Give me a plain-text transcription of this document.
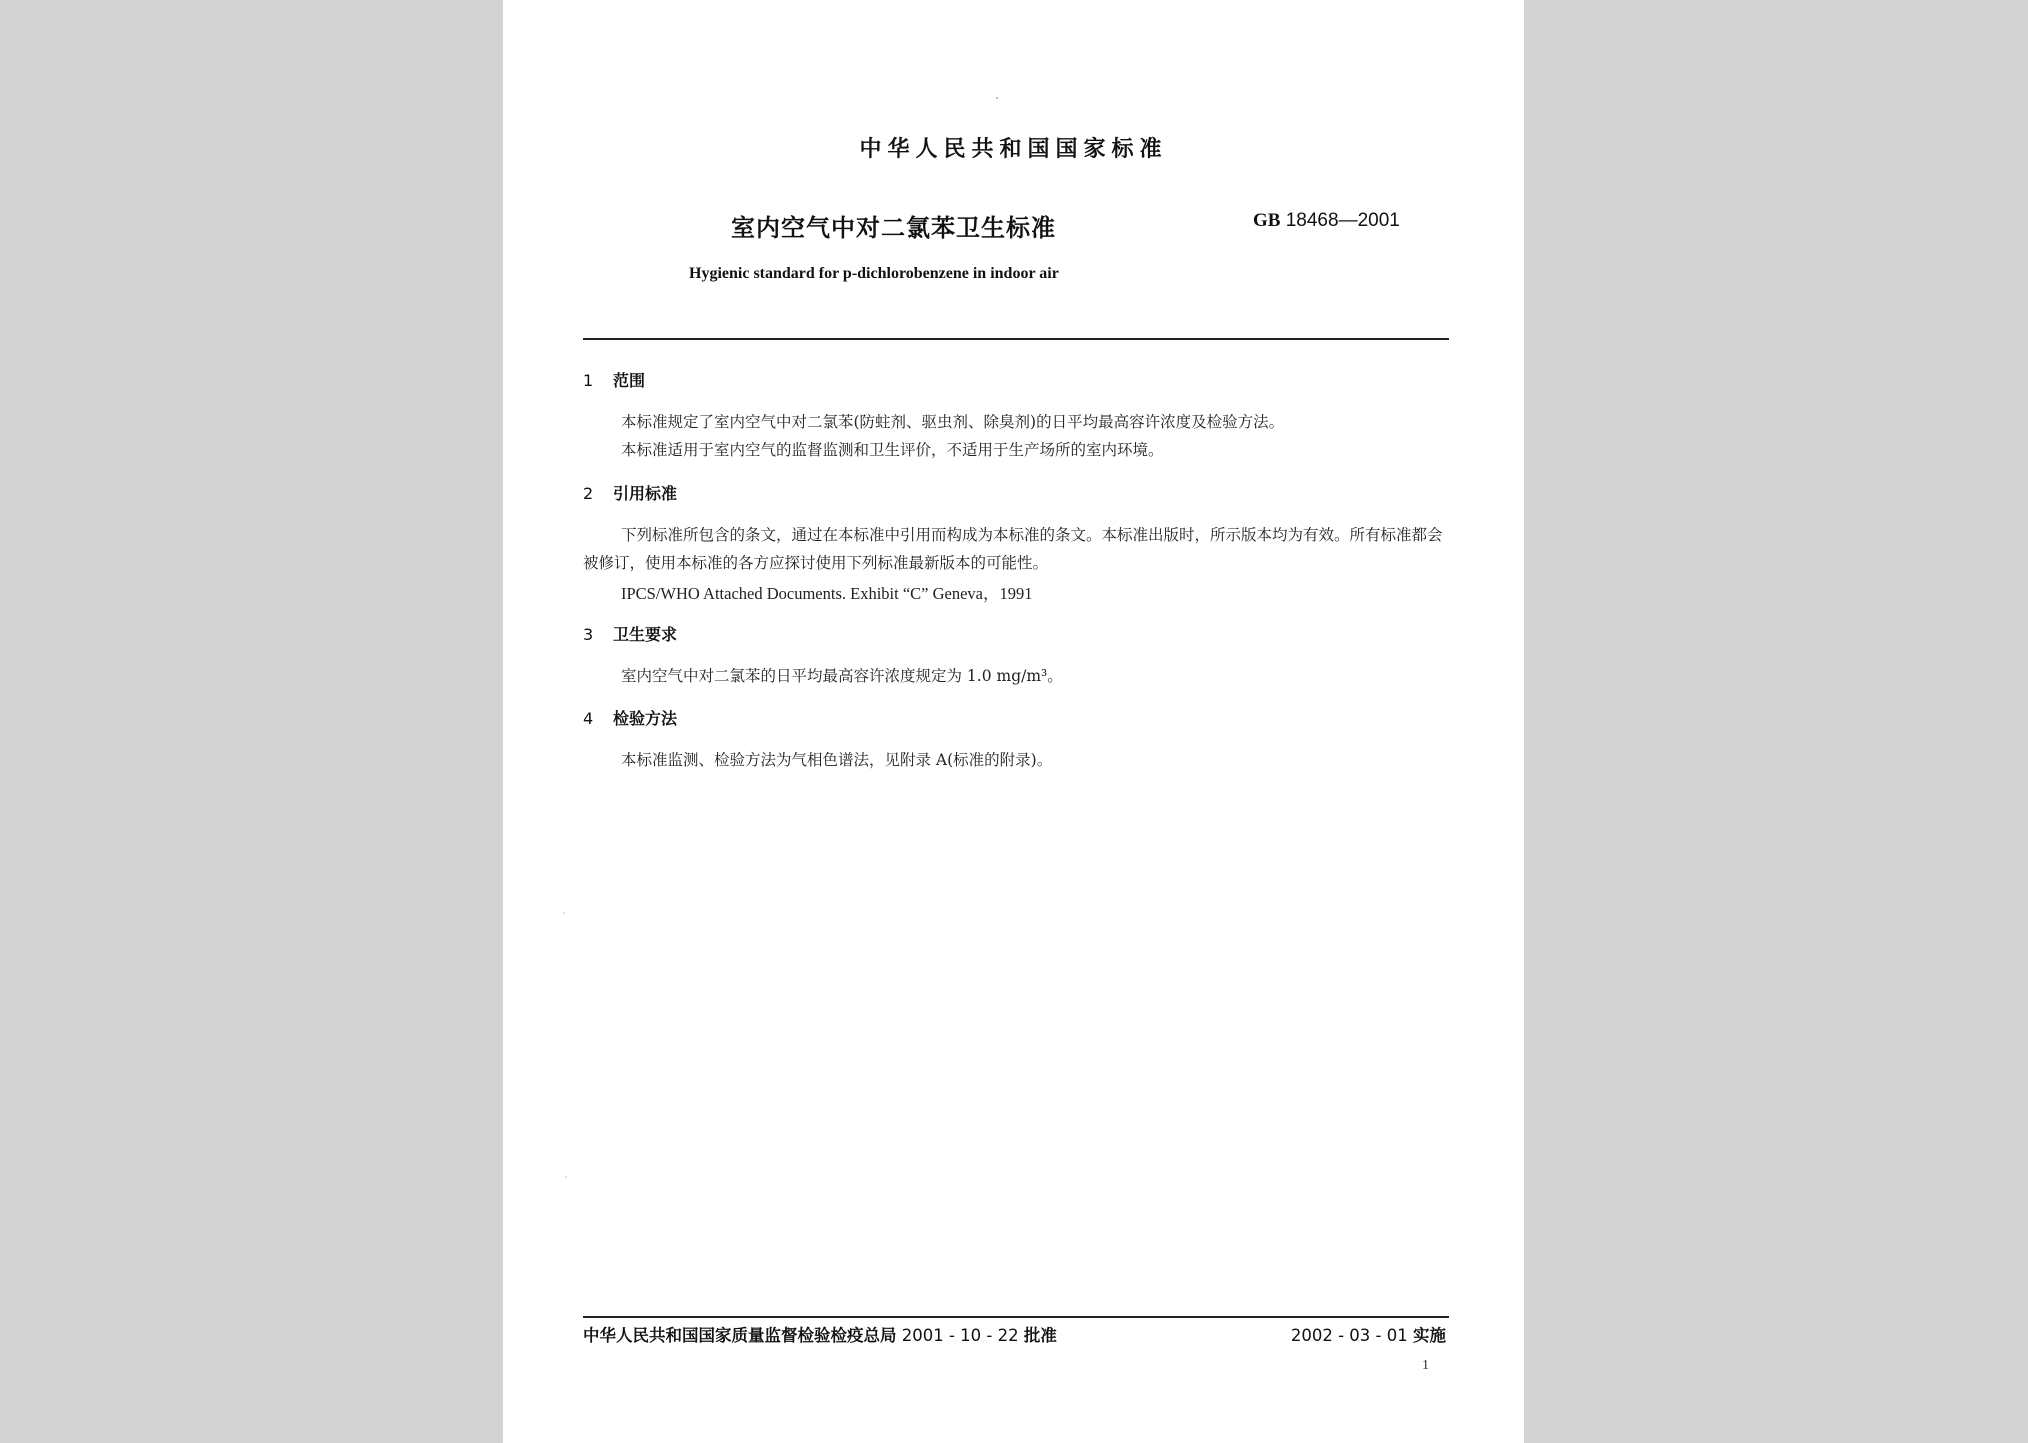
中华人民共和国国家标准
室内空气中对二氯苯卫生标准	GB 18468—2001
Hygienic standard for p-dichlorobenzene in indoor air
1 范围
本标准规定了室内空气中对二氯苯(防蛀剂、驱虫剂、除臭剂)的日平均最高容许浓度及检验方法。
本标准适用于室内空气的监督监测和卫生评价，不适用于生产场所的室内环境。
2 引用标准
下列标准所包含的条文，通过在本标准中引用而构成为本标准的条文。本标准出版时，所示版本均为有效。所有标准都会被修订，使用本标准的各方应探讨使用下列标准最新版本的可能性。
IPCS/WHO Attached Documents. Exhibit “C” Geneva，1991
3 卫生要求
室内空气中对二氯苯的日平均最高容许浓度规定为 1.0 mg/m³。
4 检验方法
本标准监测、检验方法为气相色谱法，见附录 A(标准的附录)。
中华人民共和国国家质量监督检验检疫总局 2001 - 10 - 22 批准	2002 - 03 - 01 实施
1
